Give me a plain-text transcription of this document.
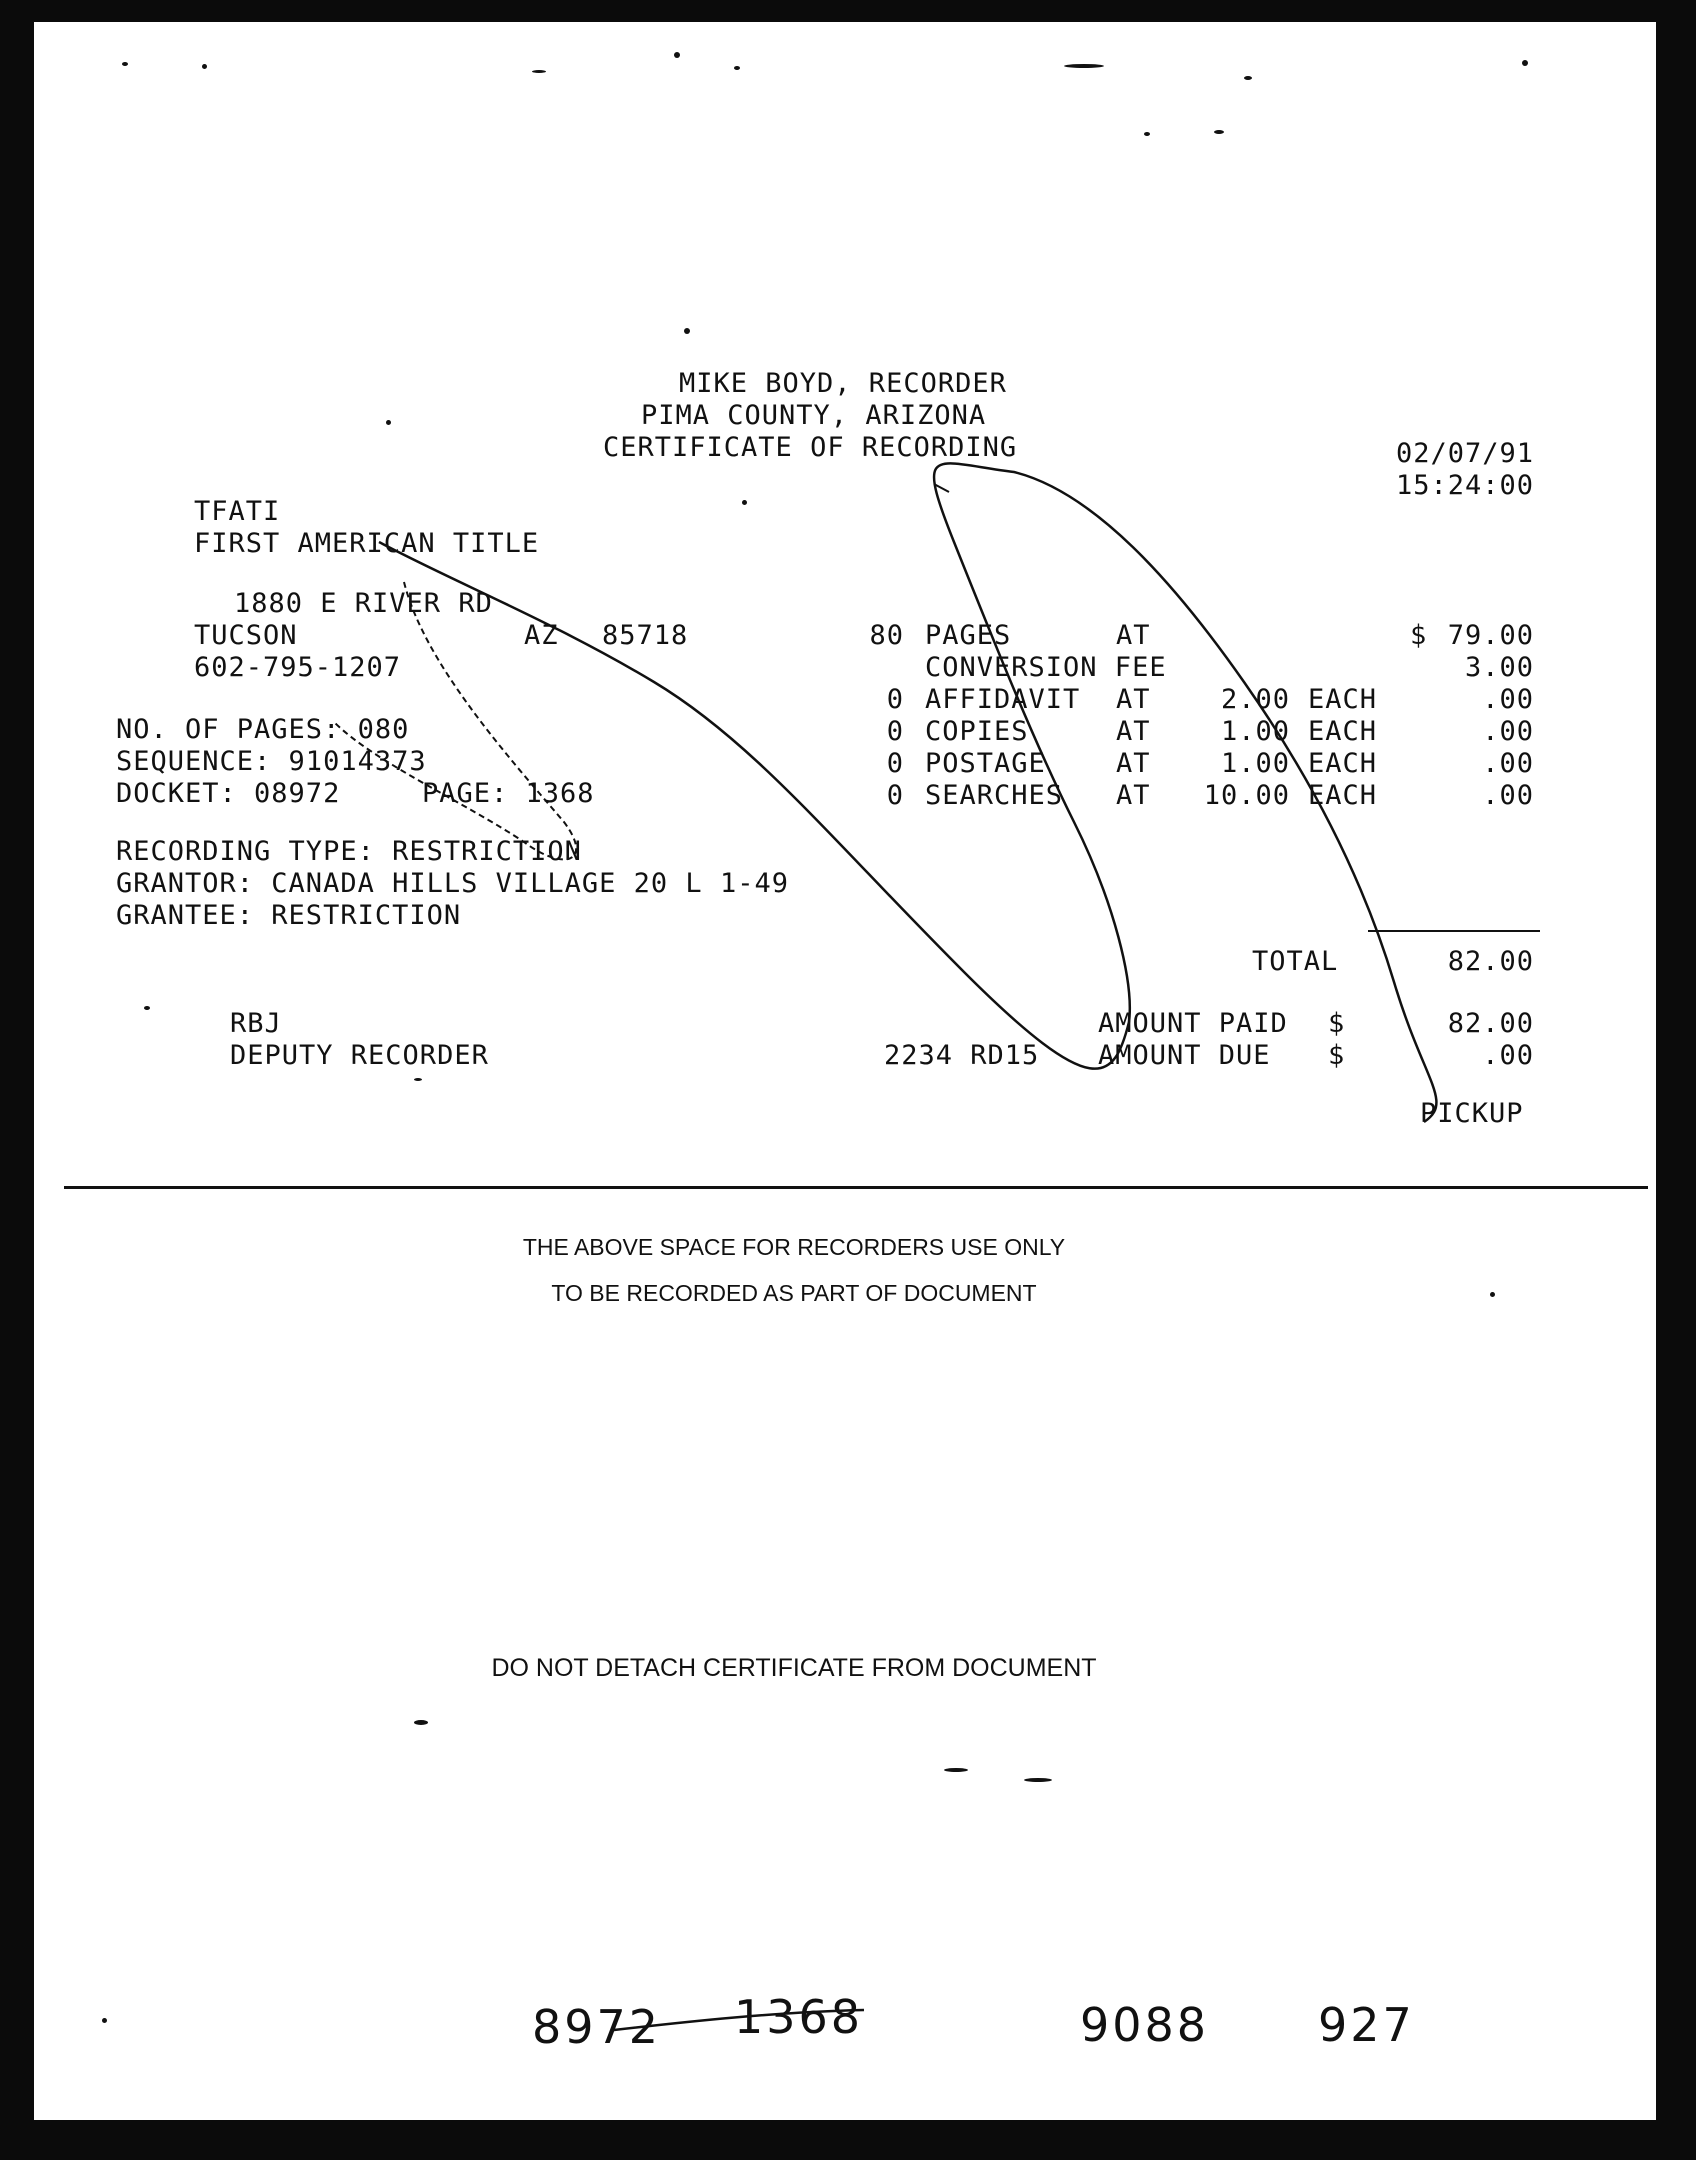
MIKE BOYD, RECORDER
PIMA COUNTY, ARIZONA
CERTIFICATE OF RECORDING	02/07/91
15:24:00
TFATI
FIRST AMERICAN TITLE
1880 E RIVER RD
TUCSON	AZ 85718
602-795-1207
NO. OF PAGES: 080
SEQUENCE: 91014373
DOCKET: 08972	PAGE: 1368
RECORDING TYPE: RESTRICTION
GRANTOR: CANADA HILLS VILLAGE 20 L 1-49
GRANTEE: RESTRICTION
80 PAGES	AT	$ 79.00
CONVERSION FEE	3.00
0 AFFIDAVIT AT	2.00 EACH	.00
0 COPIES	AT	1.00 EACH	.00
0 POSTAGE	AT	1.00 EACH	.00
0 SEARCHES AT	10.00 EACH	.00
TOTAL	82.00
AMOUNT PAID $	82.00
AMOUNT DUE $	.00
PICKUP
RBJ
DEPUTY RECORDER	2234 RD15
THE ABOVE SPACE FOR RECORDERS USE ONLY
TO BE RECORDED AS PART OF DOCUMENT
DO NOT DETACH CERTIFICATE FROM DOCUMENT
8972 1368	9088 927
